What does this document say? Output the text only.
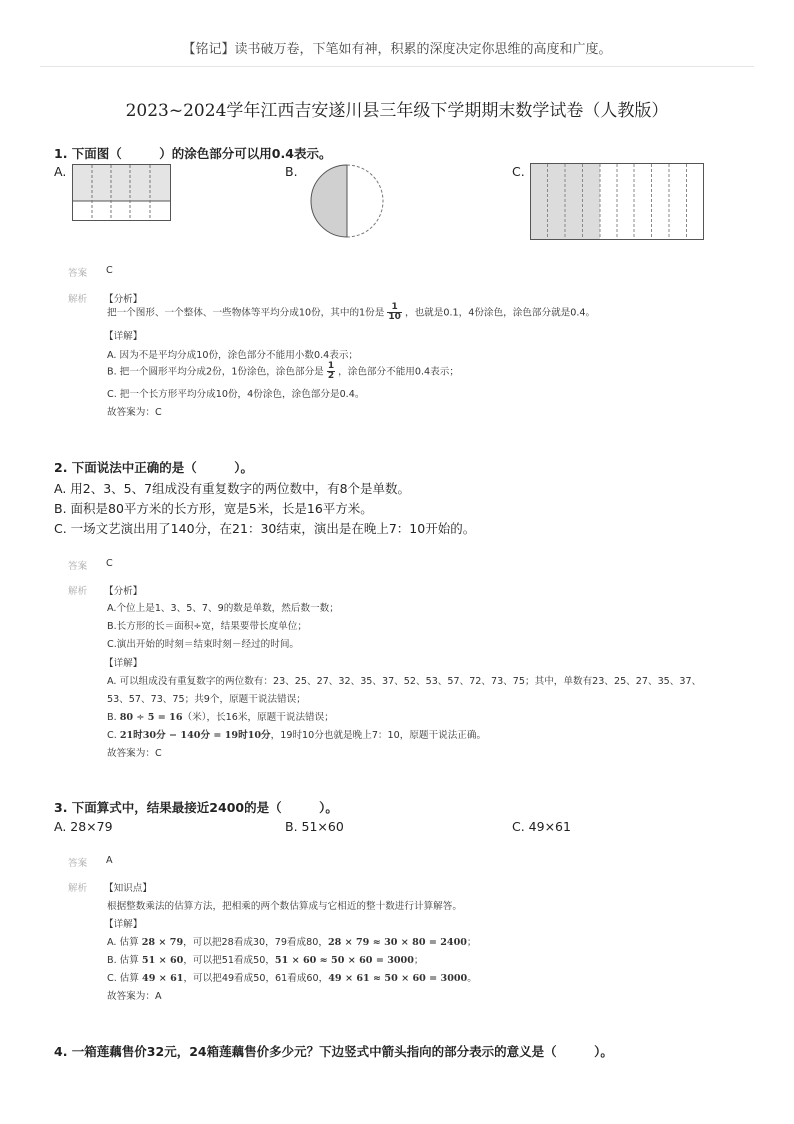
【铭记】读书破万卷，下笔如有神，积累的深度决定你思维的高度和广度。
2023~2024学年江西吉安遂川县三年级下学期期末数学试卷（人教版）
1. 下面图（　　　）的涂色部分可以用0.4表示。
A.	B.	C.
答案 C
解析 【分析】
把一个图形、一个整体、一些物体等平均分成10份，其中的1份是 $\frac{1}{10}$ ，也就是0.1，4份涂色，涂色部分就是0.4。
【详解】
A. 因为不是平均分成10份，涂色部分不能用小数0.4表示；
B. 把一个圆形平均分成2份，1份涂色，涂色部分是 $\frac{1}{2}$ ，涂色部分不能用0.4表示；
C. 把一个长方形平均分成10份，4份涂色，涂色部分是0.4。
故答案为：C
2. 下面说法中正确的是（　　　）。
A. 用2、3、5、7组成没有重复数字的两位数中，有8个是单数。
B. 面积是80平方米的长方形，宽是5米，长是16平方米。
C. 一场文艺演出用了140分，在21：30结束，演出是在晚上7：10开始的。
答案 C
解析 【分析】
A.个位上是1、3、5、7、9的数是单数，然后数一数；
B.长方形的长＝面积÷宽，结果要带长度单位；
C.演出开始的时刻＝结束时刻－经过的时间。
【详解】
A. 可以组成没有重复数字的两位数有：23、25、27、32、35、37、52、53、57、72、73、75；其中，单数有23、25、27、35、37、
53、57、73、75；共9个，原题干说法错误；
B. 80 ÷ 5 = 16（米），长16米，原题干说法错误；
C. 21时30分 − 140分 = 19时10分，19时10分也就是晚上7：10，原题干说法正确。
故答案为：C
3. 下面算式中，结果最接近2400的是（　　　）。
A. 28×79	B. 51×60	C. 49×61
答案 A
解析 【知识点】
根据整数乘法的估算方法，把相乘的两个数估算成与它相近的整十数进行计算解答。
【详解】
A. 估算 28 × 79，可以把28看成30，79看成80，28 × 79 ≈ 30 × 80 = 2400；
B. 估算 51 × 60，可以把51看成50，51 × 60 ≈ 50 × 60 = 3000；
C. 估算 49 × 61，可以把49看成50，61看成60，49 × 61 ≈ 50 × 60 = 3000。
故答案为：A
4. 一箱莲藕售价32元，24箱莲藕售价多少元？下边竖式中箭头指向的部分表示的意义是（　　　）。
